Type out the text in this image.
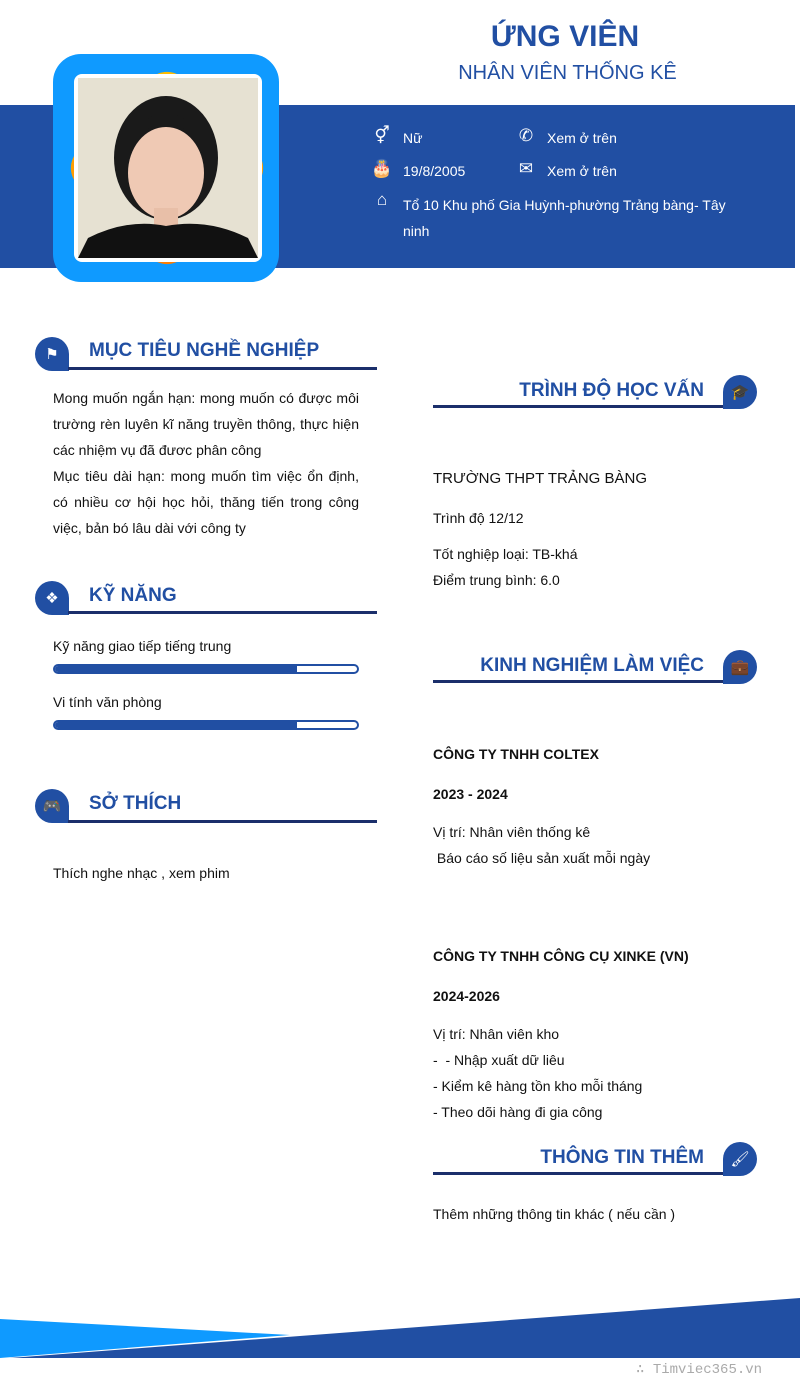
ỨNG VIÊN
NHÂN VIÊN THỐNG KÊ
⚥ Nữ	✆ Xem ở trên
🎂 19/8/2005	✉ Xem ở trên
⌂	Tổ 10 Khu phố Gia Huỳnh-phường Trảng bàng- Tây ninh
⚑	MỤC TIÊU NGHỀ NGHIỆP
Mong muốn ngắn hạn: mong muốn có được môi trường rèn luyên kĩ năng truyền thông, thực hiện các nhiệm vụ đã đươc phân công
Mục tiêu dài hạn: mong muốn tìm việc ổn định, có nhiều cơ hội học hỏi, thăng tiến trong công việc, bản bó lâu dài với công ty
❖	KỸ NĂNG
Kỹ năng giao tiếp tiếng trung
Vi tính văn phòng
🎮	SỞ THÍCH
Thích nghe nhạc , xem phim
TRÌNH ĐỘ HỌC VẤN	🎓
TRƯỜNG THPT TRẢNG BÀNG
Trình độ 12/12
Tốt nghiệp loại: TB-khá
Điểm trung bình: 6.0
KINH NGHIỆM LÀM VIỆC	💼
CÔNG TY TNHH COLTEX
2023 - 2024
Vị trí: Nhân viên thống kê
Báo cáo số liệu sản xuất mỗi ngày
CÔNG TY TNHH CÔNG CỤ XINKE (VN)
2024-2026
Vị trí: Nhân viên kho
-  - Nhập xuất dữ liêu
- Kiểm kê hàng tồn kho mỗi tháng
- Theo dõi hàng đi gia công
THÔNG TIN THÊM	🖌
Thêm những thông tin khác ( nếu cần )
∴ Timviec365.vn
